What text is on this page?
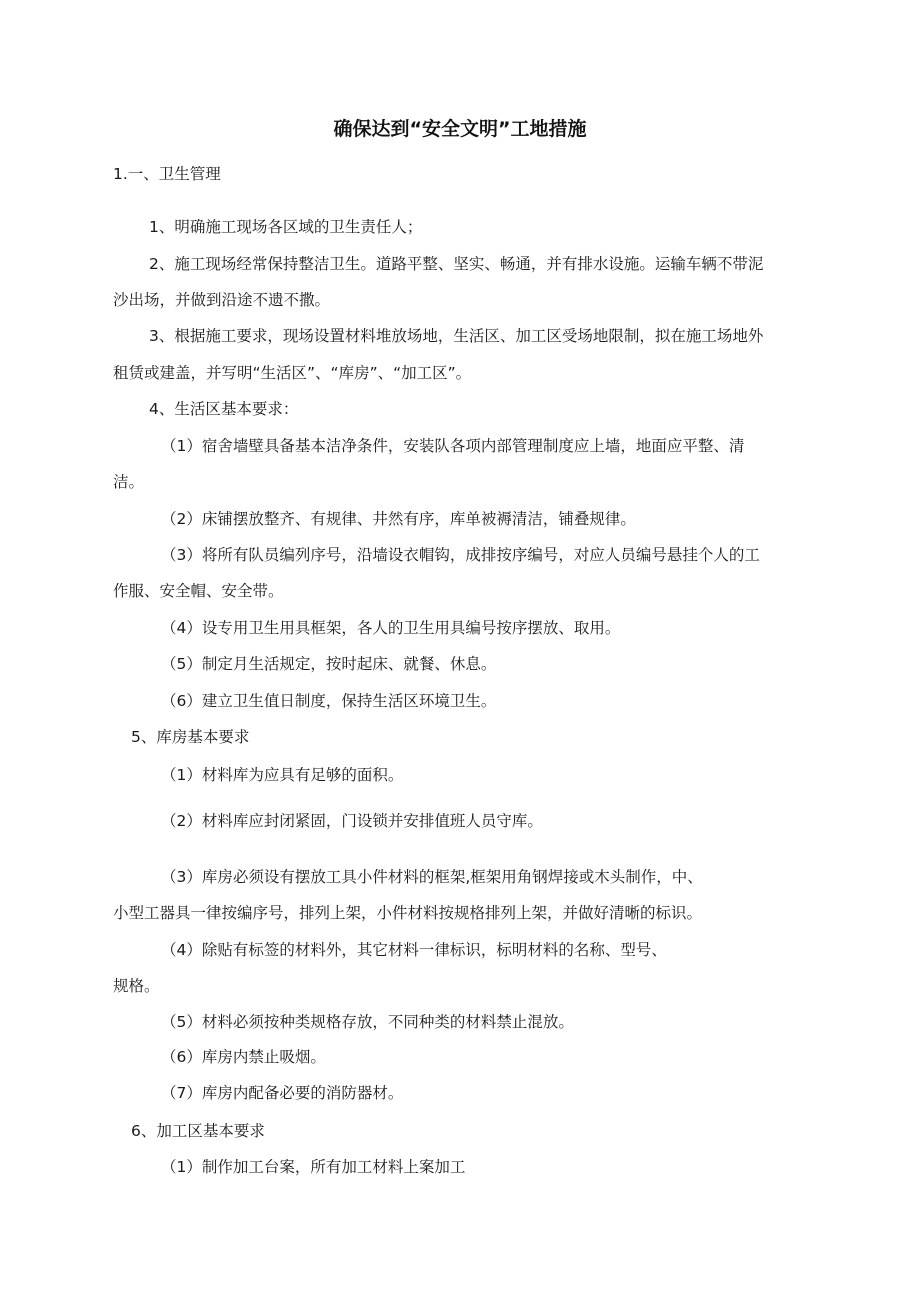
确保达到“安全文明”工地措施
1.一、卫生管理
1、明确施工现场各区域的卫生责任人；
2、施工现场经常保持整洁卫生。道路平整、坚实、畅通，并有排水设施。运输车辆不带泥
沙出场，并做到沿途不遗不撒。
3、根据施工要求，现场设置材料堆放场地，生活区、加工区受场地限制，拟在施工场地外
租赁或建盖，并写明“生活区”、“库房”、“加工区”。
4、生活区基本要求：
（1）宿舍墙壁具备基本洁净条件，安装队各项内部管理制度应上墙，地面应平整、清
洁。
（2）床铺摆放整齐、有规律、井然有序，库单被褥清洁，铺叠规律。
（3）将所有队员编列序号，沿墙设衣帽钩，成排按序编号，对应人员编号悬挂个人的工
作服、安全帽、安全带。
（4）设专用卫生用具框架，各人的卫生用具编号按序摆放、取用。
（5）制定月生活规定，按时起床、就餐、休息。
（6）建立卫生值日制度，保持生活区环境卫生。
5、库房基本要求
（1）材料库为应具有足够的面积。
（2）材料库应封闭紧固，门设锁并安排值班人员守库。
（3）库房必须设有摆放工具小件材料的框架,框架用角钢焊接或木头制作，中、
小型工器具一律按编序号，排列上架，小件材料按规格排列上架，并做好清晰的标识。
（4）除贴有标签的材料外，其它材料一律标识，标明材料的名称、型号、
规格。
（5）材料必须按种类规格存放，不同种类的材料禁止混放。
（6）库房内禁止吸烟。
（7）库房内配备必要的消防器材。
6、加工区基本要求
（1）制作加工台案，所有加工材料上案加工
